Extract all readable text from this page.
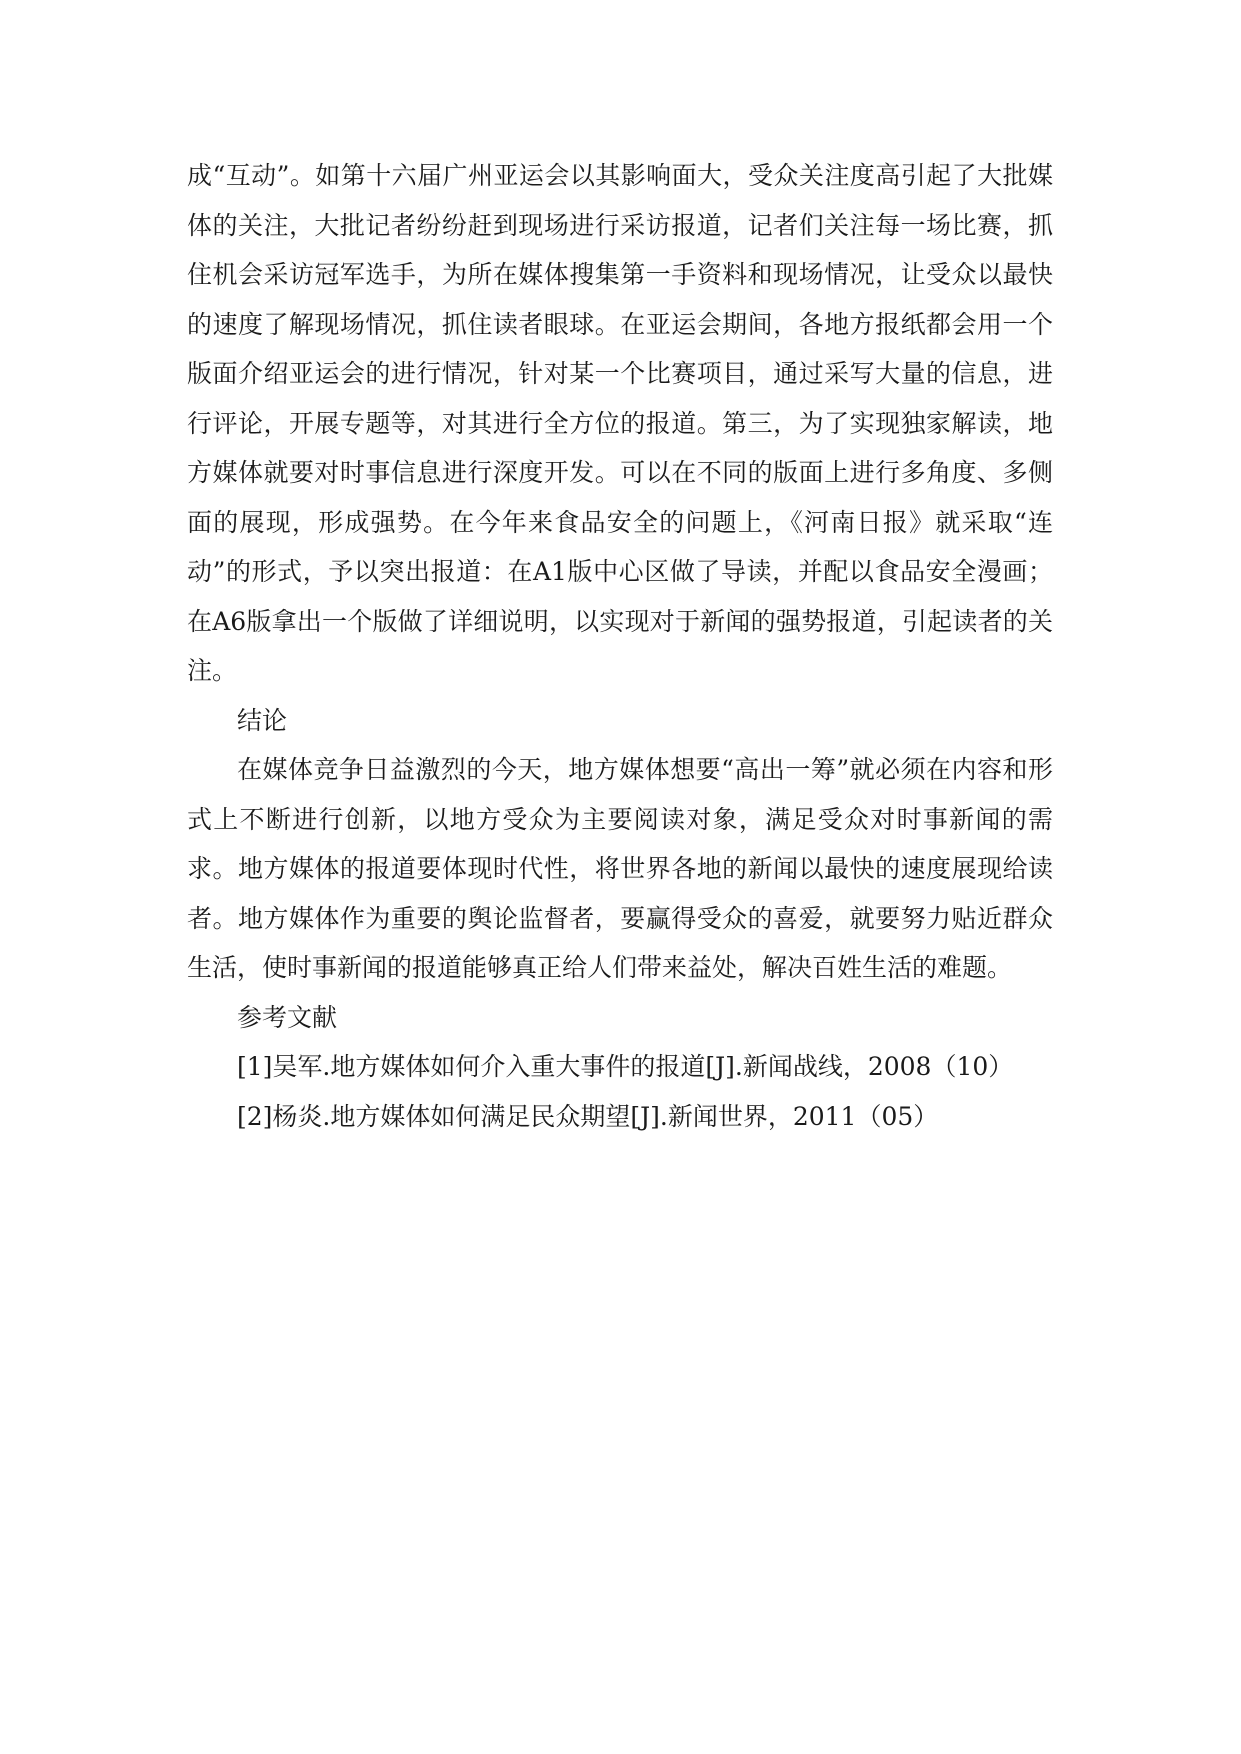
成“互动”。如第十六届广州亚运会以其影响面大，受众关注度高引起了大批媒体的关注，大批记者纷纷赶到现场进行采访报道，记者们关注每一场比赛，抓住机会采访冠军选手，为所在媒体搜集第一手资料和现场情况，让受众以最快的速度了解现场情况，抓住读者眼球。在亚运会期间，各地方报纸都会用一个版面介绍亚运会的进行情况，针对某一个比赛项目，通过采写大量的信息，进行评论，开展专题等，对其进行全方位的报道。第三，为了实现独家解读，地方媒体就要对时事信息进行深度开发。可以在不同的版面上进行多角度、多侧面的展现，形成强势。在今年来食品安全的问题上，《河南日报》就采取“连动”的形式，予以突出报道：在A1版中心区做了导读，并配以食品安全漫画；在A6版拿出一个版做了详细说明，以实现对于新闻的强势报道，引起读者的关注。

结论

在媒体竞争日益激烈的今天，地方媒体想要“高出一筹”就必须在内容和形式上不断进行创新，以地方受众为主要阅读对象，满足受众对时事新闻的需求。地方媒体的报道要体现时代性，将世界各地的新闻以最快的速度展现给读者。地方媒体作为重要的舆论监督者，要赢得受众的喜爱，就要努力贴近群众生活，使时事新闻的报道能够真正给人们带来益处，解决百姓生活的难题。

参考文献

[1]吴军.地方媒体如何介入重大事件的报道[J].新闻战线，2008（10）

[2]杨炎.地方媒体如何满足民众期望[J].新闻世界，2011（05）
